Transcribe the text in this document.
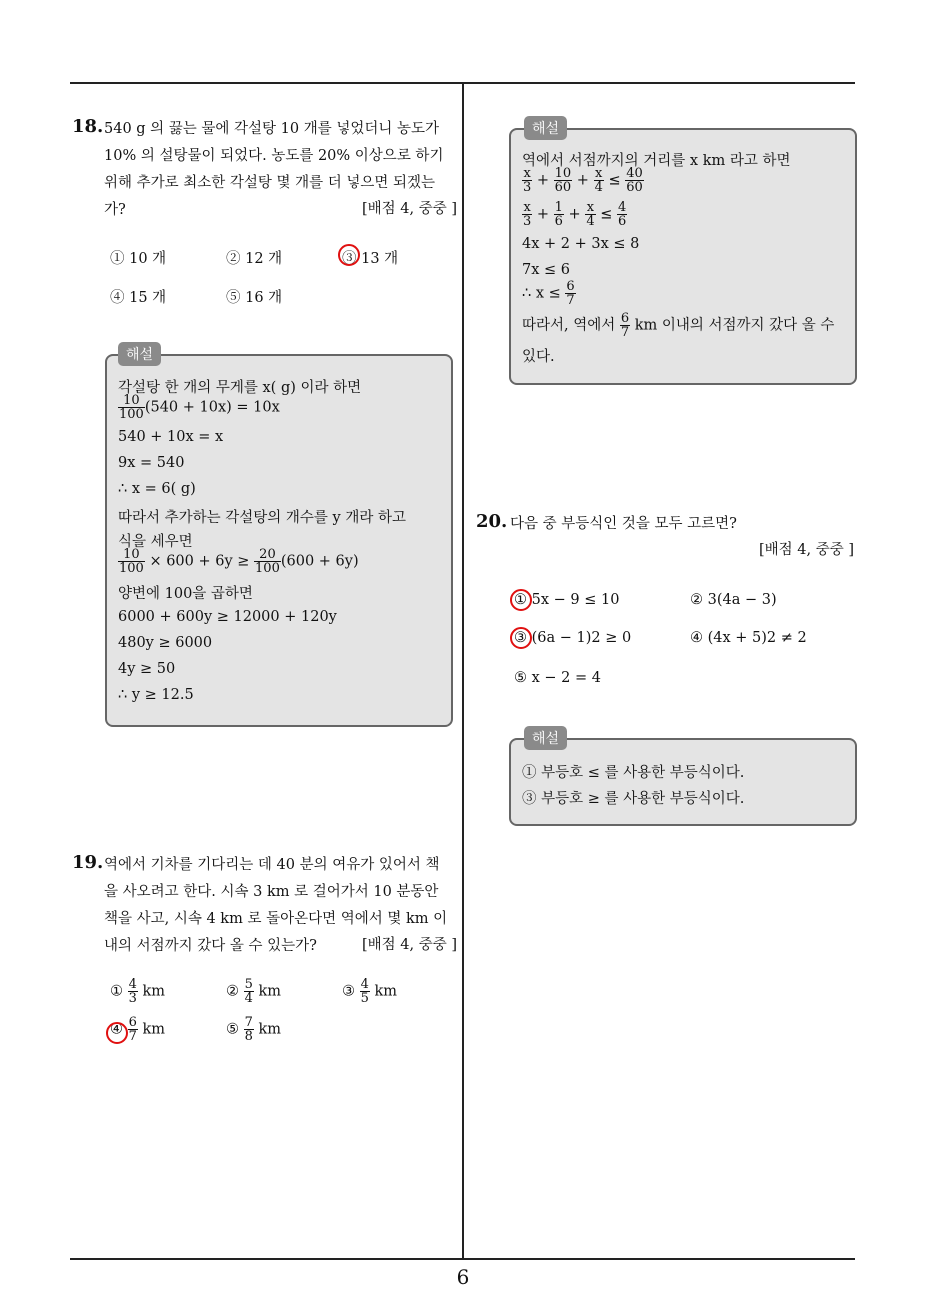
18. 540 g 의 끓는 물에 각설탕 10 개를 넣었더니 농도가
10% 의 설탕물이 되었다. 농도를 20% 이상으로 하기
위해 추가로 최소한 각설탕 몇 개를 더 넣으면 되겠는
가?	[배점 4, 중중 ]
① 10 개	② 12 개	③ 13 개
④ 15 개	⑤ 16 개
해설
각설탕 한 개의 무게를 x( g) 이라 하면
$\frac{10}{100} (540 + 10x) = 10x$
540 + 10x = x
9x = 540
∴ x = 6( g)
따라서 추가하는 각설탕의 개수를 y 개라 하고
식을 세우면
$\frac{10}{100} \times 600 + 6y \ge \frac{20}{100} (600 + 6y)$
양변에 100을 곱하면
6000 + 600y ≥ 12000 + 120y
480y ≥ 6000
4y ≥ 50
∴ y ≥ 12.5
19. 역에서 기차를 기다리는 데 40 분의 여유가 있어서 책
을 사오려고 한다. 시속 3 km 로 걸어가서 10 분동안
책을 사고, 시속 4 km 로 돌아온다면 역에서 몇 km 이
내의 서점까지 갔다 올 수 있는가?	[배점 4, 중중 ]
① $\frac{4}{3}$ km	② $\frac{5}{4}$ km	③ $\frac{4}{5}$ km
④ $\frac{6}{7}$ km	⑤ $\frac{7}{8}$ km
해설
역에서 서점까지의 거리를 x km 라고 하면
$\frac{x}{3} + \frac{10}{60} + \frac{x}{4} \le \frac{40}{60}$
$\frac{x}{3} + \frac{1}{6} + \frac{x}{4} \le \frac{4}{6}$
4x + 2 + 3x ≤ 8
7x ≤ 6
∴ $x \le \frac{6}{7}$
따라서, 역에서 $\frac{6}{7}$ km 이내의 서점까지 갔다 올 수
있다.
20. 다음 중 부등식인 것을 모두 고르면?
[배점 4, 중중 ]
① 5x − 9 ≤ 10	② 3(4a − 3)
③ (6a − 1)2 ≥ 0	④ (4x + 5)2 ≠ 2
⑤ x − 2 = 4
해설
① 부등호 ≤ 를 사용한 부등식이다.
③ 부등호 ≥ 를 사용한 부등식이다.
6
